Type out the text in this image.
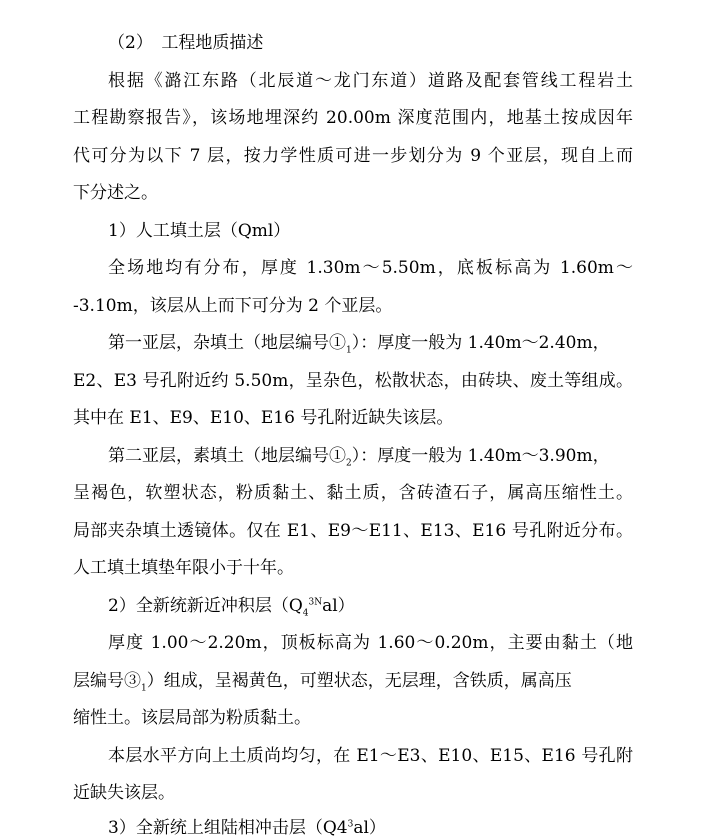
（2）　工程地质描述
根据《潞江东路（北辰道～龙门东道）道路及配套管线工程岩土
工程勘察报告》，该场地埋深约 20.00m 深度范围内，地基土按成因年
代可分为以下 7 层，按力学性质可进一步划分为 9 个亚层，现自上而
下分述之。
1）人工填土层（Qml）
全场地均有分布，厚度 1.30m～5.50m，底板标高为 1.60m～
-3.10m，该层从上而下可分为 2 个亚层。
第一亚层，杂填土（地层编号$①_1$）：厚度一般为 1.40m～2.40m，
E2、E3 号孔附近约 5.50m，呈杂色，松散状态，由砖块、废土等组成。
其中在 E1、E9、E10、E16 号孔附近缺失该层。
第二亚层，素填土（地层编号$①_2$）：厚度一般为 1.40m～3.90m，
呈褐色，软塑状态，粉质黏土、黏土质，含砖渣石子，属高压缩性土。
局部夹杂填土透镜体。仅在 E1、E9～E11、E13、E16 号孔附近分布。
人工填土填垫年限小于十年。
2）全新统新近冲积层$(Q_4^{3N}al)$
厚度 1.00～2.20m，顶板标高为 1.60～0.20m，主要由黏土（地
层编号$③_1$）组成，呈褐黄色，可塑状态，无层理，含铁质，属高压
缩性土。该层局部为粉质黏土。
本层水平方向上土质尚均匀，在 E1～E3、E10、E15、E16 号孔附
近缺失该层。
3）全新统上组陆相冲击层$(Q4^3al)$
